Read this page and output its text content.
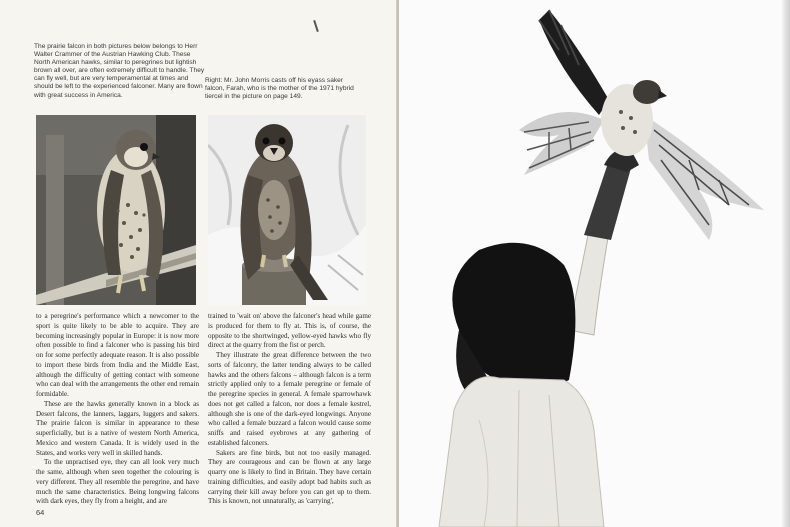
The prairie falcon in both pictures below belongs to Herr Walter Crammer of the Austrian Hawking Club. These North American hawks, similar to peregrines but lightish brown all over, are often extremely difficult to handle. They can fly well, but are very temperamental at times and should be left to the experienced falconer. Many are flown with great success in America.

Right: Mr. John Morris casts off his eyass saker falcon, Farah, who is the mother of the 1971 hybrid tiercel in the picture on page 149.

to a peregrine's performance which a newcomer to the sport is quite likely to be able to acquire. They are becoming increasingly popular in Europe: it is now more often possible to find a falconer who is passing his bird on for some perfectly adequate reason. It is also possible to import these birds from India and the Middle East, although the difficulty of getting contact with someone who can deal with the arrangements the other end remain formidable.

These are the hawks generally known in a block as Desert falcons, the lanners, laggars, luggers and sakers. The prairie falcon is similar in appearance to these superficially, but is a native of western North America, Mexico and western Canada. It is widely used in the States, and works very well in skilled hands.

To the unpractised eye, they can all look very much the same, although when seen together the colouring is very different. They all resemble the peregrine, and have much the same characteristics. Being longwing falcons with dark eyes, they fly from a height, and are

trained to 'wait on' above the falconer's head while game is produced for them to fly at. This is, of course, the opposite to the shortwinged, yellow-eyed hawks who fly direct at the quarry from the fist or perch.

They illustrate the great difference between the two sorts of falconry, the latter tending always to be called hawks and the others falcons – although falcon is a term strictly applied only to a female peregrine or female of the peregrine species in general. A female sparrowhawk does not get called a falcon, nor does a female kestrel, although she is one of the dark-eyed longwings. Anyone who called a female buzzard a falcon would cause some sniffs and raised eyebrows at any gathering of established falconers.

Sakers are fine birds, but not too easily managed. They are courageous and can be flown at any large quarry one is likely to find in Britain. They have certain training difficulties, and easily adopt bad habits such as carrying their kill away before you can get up to them. This is known, not unnaturally, as 'carrying',

64
